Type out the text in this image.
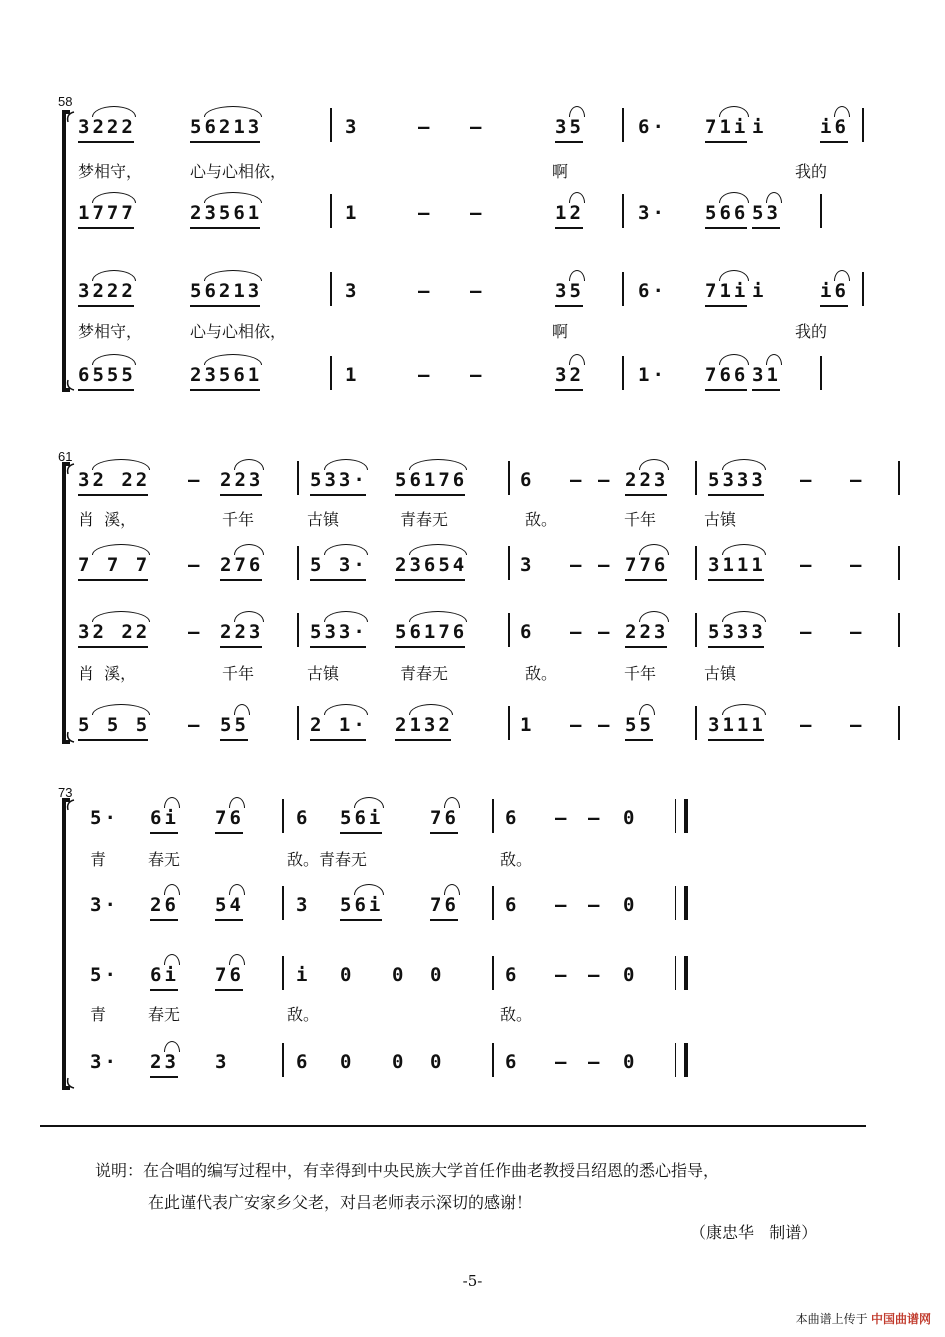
58
3222	56213	3	– –	35	6· 71i i	i6
梦相守，	心与心相依，	啊	我的
1777	23561	1	– –	12	3· 566 53
3222	56213	3	– –	35	6· 71i i	i6
梦相守，	心与心相依，	啊	我的
6555	23561	1	– –	32	1· 766 31
61
32 22 – 223 533· 56176	6 – – 223 5333 – –
肖  溪，	千年	古镇	青春无	敌。	千年	古镇
7 7 7 – 276 5 3· 23654	3 – – 776 3111 – –
32 22 – 223 533· 56176	6 – – 223 5333 – –
肖  溪，	千年	古镇	青春无	敌。	千年	古镇
5 5 5 – 55	2 1· 2132	1 – – 55	3111 – –
73
5· 6i 76	6 56i 76 6 – – 0
青	春无	敌。青春无	敌。
3· 26 54	3 56i 76 6 – – 0
5· 6i 76	i 0 0 0	6 – – 0
青	春无	敌。	敌。
3· 23 3	6 0 0 0	6 – – 0
说明：在合唱的编写过程中，有幸得到中央民族大学首任作曲老教授吕绍恩的悉心指导，
在此谨代表广安家乡父老，对吕老师表示深切的感谢！
（康忠华   制谱）
-5-
本曲谱上传于 中国曲谱网
